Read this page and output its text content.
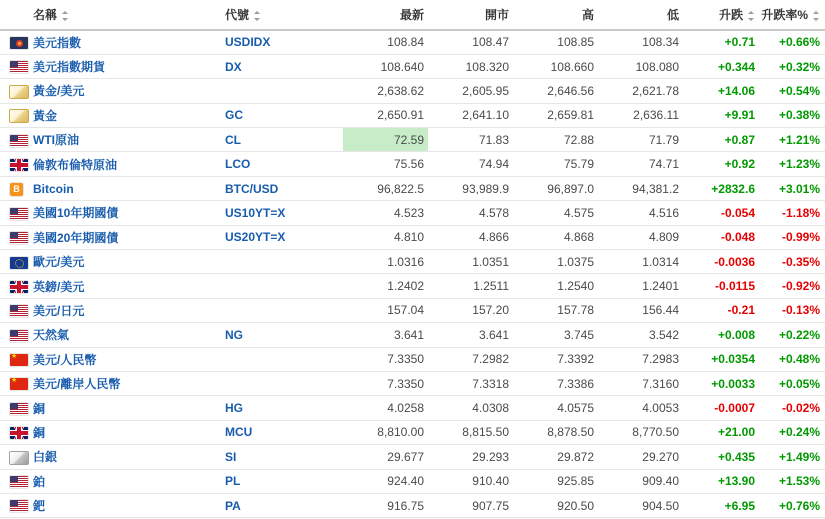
	名稱	代號	最新	開市	高	低	升跌	升跌率%

	美元指數	USDIDX	108.84	108.47	108.85	108.34	+0.71	+0.66%
	美元指數期貨	DX	108.640	108.320	108.660	108.080	+0.344	+0.32%
	黃金/美元		2,638.62	2,605.95	2,646.56	2,621.78	+14.06	+0.54%
	黃金	GC	2,650.91	2,641.10	2,659.81	2,636.11	+9.91	+0.38%
	WTI原油	CL	72.59	71.83	72.88	71.79	+0.87	+1.21%
	倫敦布倫特原油	LCO	75.56	74.94	75.79	74.71	+0.92	+1.23%
B	Bitcoin	BTC/USD	96,822.5	93,989.9	96,897.0	94,381.2	+2832.6	+3.01%
	美國10年期國債	US10YT=X	4.523	4.578	4.575	4.516	-0.054	-1.18%
	美國20年期國債	US20YT=X	4.810	4.866	4.868	4.809	-0.048	-0.99%
	歐元/美元		1.0316	1.0351	1.0375	1.0314	-0.0036	-0.35%
	英鎊/美元		1.2402	1.2511	1.2540	1.2401	-0.0115	-0.92%
	美元/日元		157.04	157.20	157.78	156.44	-0.21	-0.13%
	天然氣	NG	3.641	3.641	3.745	3.542	+0.008	+0.22%
★	美元/人民幣		7.3350	7.2982	7.3392	7.2983	+0.0354	+0.48%
★	美元/離岸人民幣		7.3350	7.3318	7.3386	7.3160	+0.0033	+0.05%
	銅	HG	4.0258	4.0308	4.0575	4.0053	-0.0007	-0.02%
	銅	MCU	8,810.00	8,815.50	8,878.50	8,770.50	+21.00	+0.24%
	白銀	SI	29.677	29.293	29.872	29.270	+0.435	+1.49%
	鉑	PL	924.40	910.40	925.85	909.40	+13.90	+1.53%
	鈀	PA	916.75	907.75	920.50	904.50	+6.95	+0.76%
